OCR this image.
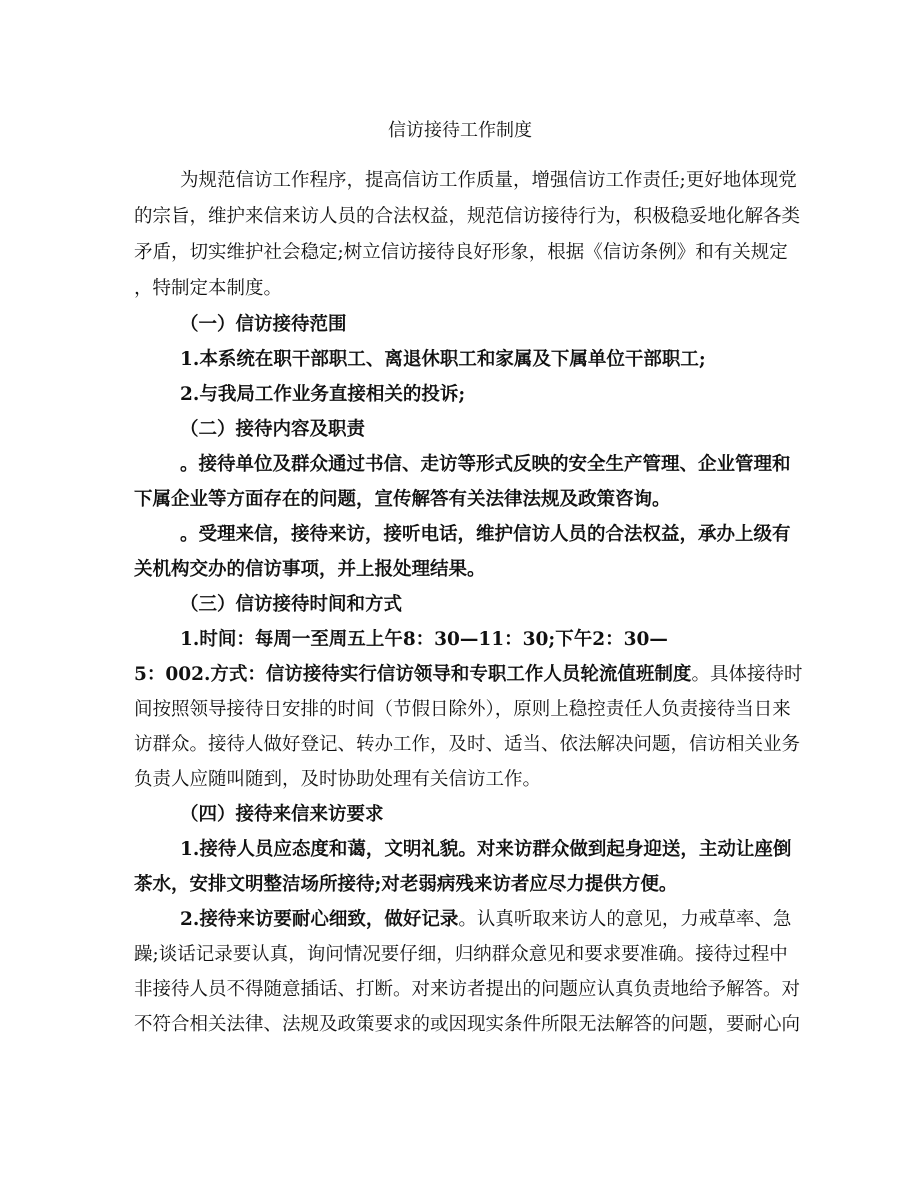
信访接待工作制度
为规范信访工作程序，提高信访工作质量，增强信访工作责任;更好地体现党
的宗旨，维护来信来访人员的合法权益，规范信访接待行为，积极稳妥地化解各类
矛盾，切实维护社会稳定;树立信访接待良好形象，根据《信访条例》和有关规定
，特制定本制度。
（一）信访接待范围
1.本系统在职干部职工、离退休职工和家属及下属单位干部职工;
2.与我局工作业务直接相关的投诉;
（二）接待内容及职责
。接待单位及群众通过书信、走访等形式反映的安全生产管理、企业管理和
下属企业等方面存在的问题，宣传解答有关法律法规及政策咨询。
。受理来信，接待来访，接听电话，维护信访人员的合法权益，承办上级有
关机构交办的信访事项，并上报处理结果。
（三）信访接待时间和方式
1.时间：每周一至周五上午8：30—11：30;下午2：30—
5：002.方式：信访接待实行信访领导和专职工作人员轮流值班制度。具体接待时
间按照领导接待日安排的时间（节假日除外），原则上稳控责任人负责接待当日来
访群众。接待人做好登记、转办工作，及时、适当、依法解决问题，信访相关业务
负责人应随叫随到，及时协助处理有关信访工作。
（四）接待来信来访要求
1.接待人员应态度和蔼，文明礼貌。对来访群众做到起身迎送，主动让座倒
茶水，安排文明整洁场所接待;对老弱病残来访者应尽力提供方便。
2.接待来访要耐心细致，做好记录。认真听取来访人的意见，力戒草率、急
躁;谈话记录要认真，询问情况要仔细，归纳群众意见和要求要准确。接待过程中
非接待人员不得随意插话、打断。对来访者提出的问题应认真负责地给予解答。对
不符合相关法律、法规及政策要求的或因现实条件所限无法解答的问题，要耐心向
